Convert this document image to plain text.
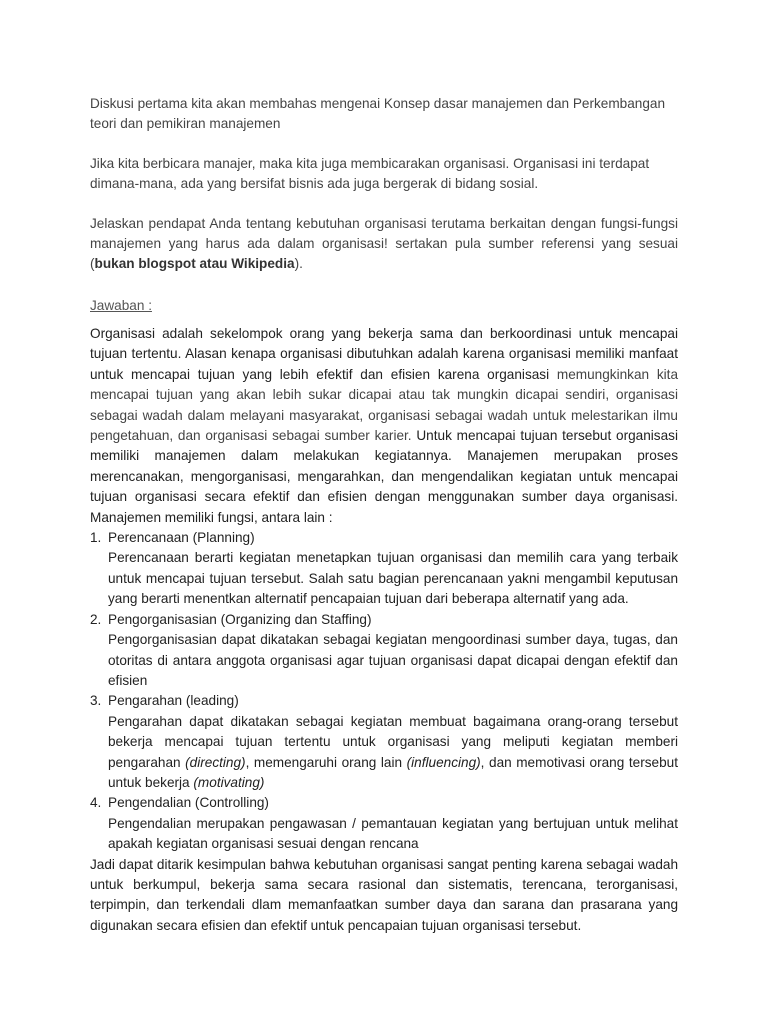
Diskusi pertama kita akan membahas mengenai Konsep dasar manajemen dan Perkembangan teori dan pemikiran manajemen

Jika kita berbicara manajer, maka kita juga membicarakan organisasi. Organisasi ini terdapat dimana-mana, ada yang bersifat bisnis ada juga bergerak di bidang sosial.

Jelaskan pendapat Anda tentang kebutuhan organisasi terutama berkaitan dengan fungsi-fungsi manajemen yang harus ada dalam organisasi! sertakan pula sumber referensi yang sesuai (bukan blogspot atau Wikipedia).

Jawaban :

Organisasi adalah sekelompok orang yang bekerja sama dan berkoordinasi untuk mencapai tujuan tertentu. Alasan kenapa organisasi dibutuhkan adalah karena organisasi memiliki manfaat untuk mencapai tujuan yang lebih efektif dan efisien karena organisasi memungkinkan kita mencapai tujuan yang akan lebih sukar dicapai atau tak mungkin dicapai sendiri, organisasi sebagai wadah dalam melayani masyarakat, organisasi sebagai wadah untuk melestarikan ilmu pengetahuan, dan organisasi sebagai sumber karier. Untuk mencapai tujuan tersebut organisasi memiliki manajemen dalam melakukan kegiatannya. Manajemen merupakan proses merencanakan, mengorganisasi, mengarahkan, dan mengendalikan kegiatan untuk mencapai tujuan organisasi secara efektif dan efisien dengan menggunakan sumber daya organisasi. Manajemen memiliki fungsi, antara lain :

1. Perencanaan (Planning)
Perencanaan berarti kegiatan menetapkan tujuan organisasi dan memilih cara yang terbaik untuk mencapai tujuan tersebut. Salah satu bagian perencanaan yakni mengambil keputusan yang berarti menentkan alternatif pencapaian tujuan dari beberapa alternatif yang ada.
2. Pengorganisasian (Organizing dan Staffing)
Pengorganisasian dapat dikatakan sebagai kegiatan mengoordinasi sumber daya, tugas, dan otoritas di antara anggota organisasi agar tujuan organisasi dapat dicapai dengan efektif dan efisien
3. Pengarahan (leading)
Pengarahan dapat dikatakan sebagai kegiatan membuat bagaimana orang-orang tersebut bekerja mencapai tujuan tertentu untuk organisasi yang meliputi kegiatan memberi pengarahan (directing), memengaruhi orang lain (influencing), dan memotivasi orang tersebut untuk bekerja (motivating)
4. Pengendalian (Controlling)
Pengendalian merupakan pengawasan / pemantauan kegiatan yang bertujuan untuk melihat apakah kegiatan organisasi sesuai dengan rencana

Jadi dapat ditarik kesimpulan bahwa kebutuhan organisasi sangat penting karena sebagai wadah untuk berkumpul, bekerja sama secara rasional dan sistematis, terencana, terorganisasi, terpimpin, dan terkendali dlam memanfaatkan sumber daya dan sarana dan prasarana yang digunakan secara efisien dan efektif untuk pencapaian tujuan organisasi tersebut.
